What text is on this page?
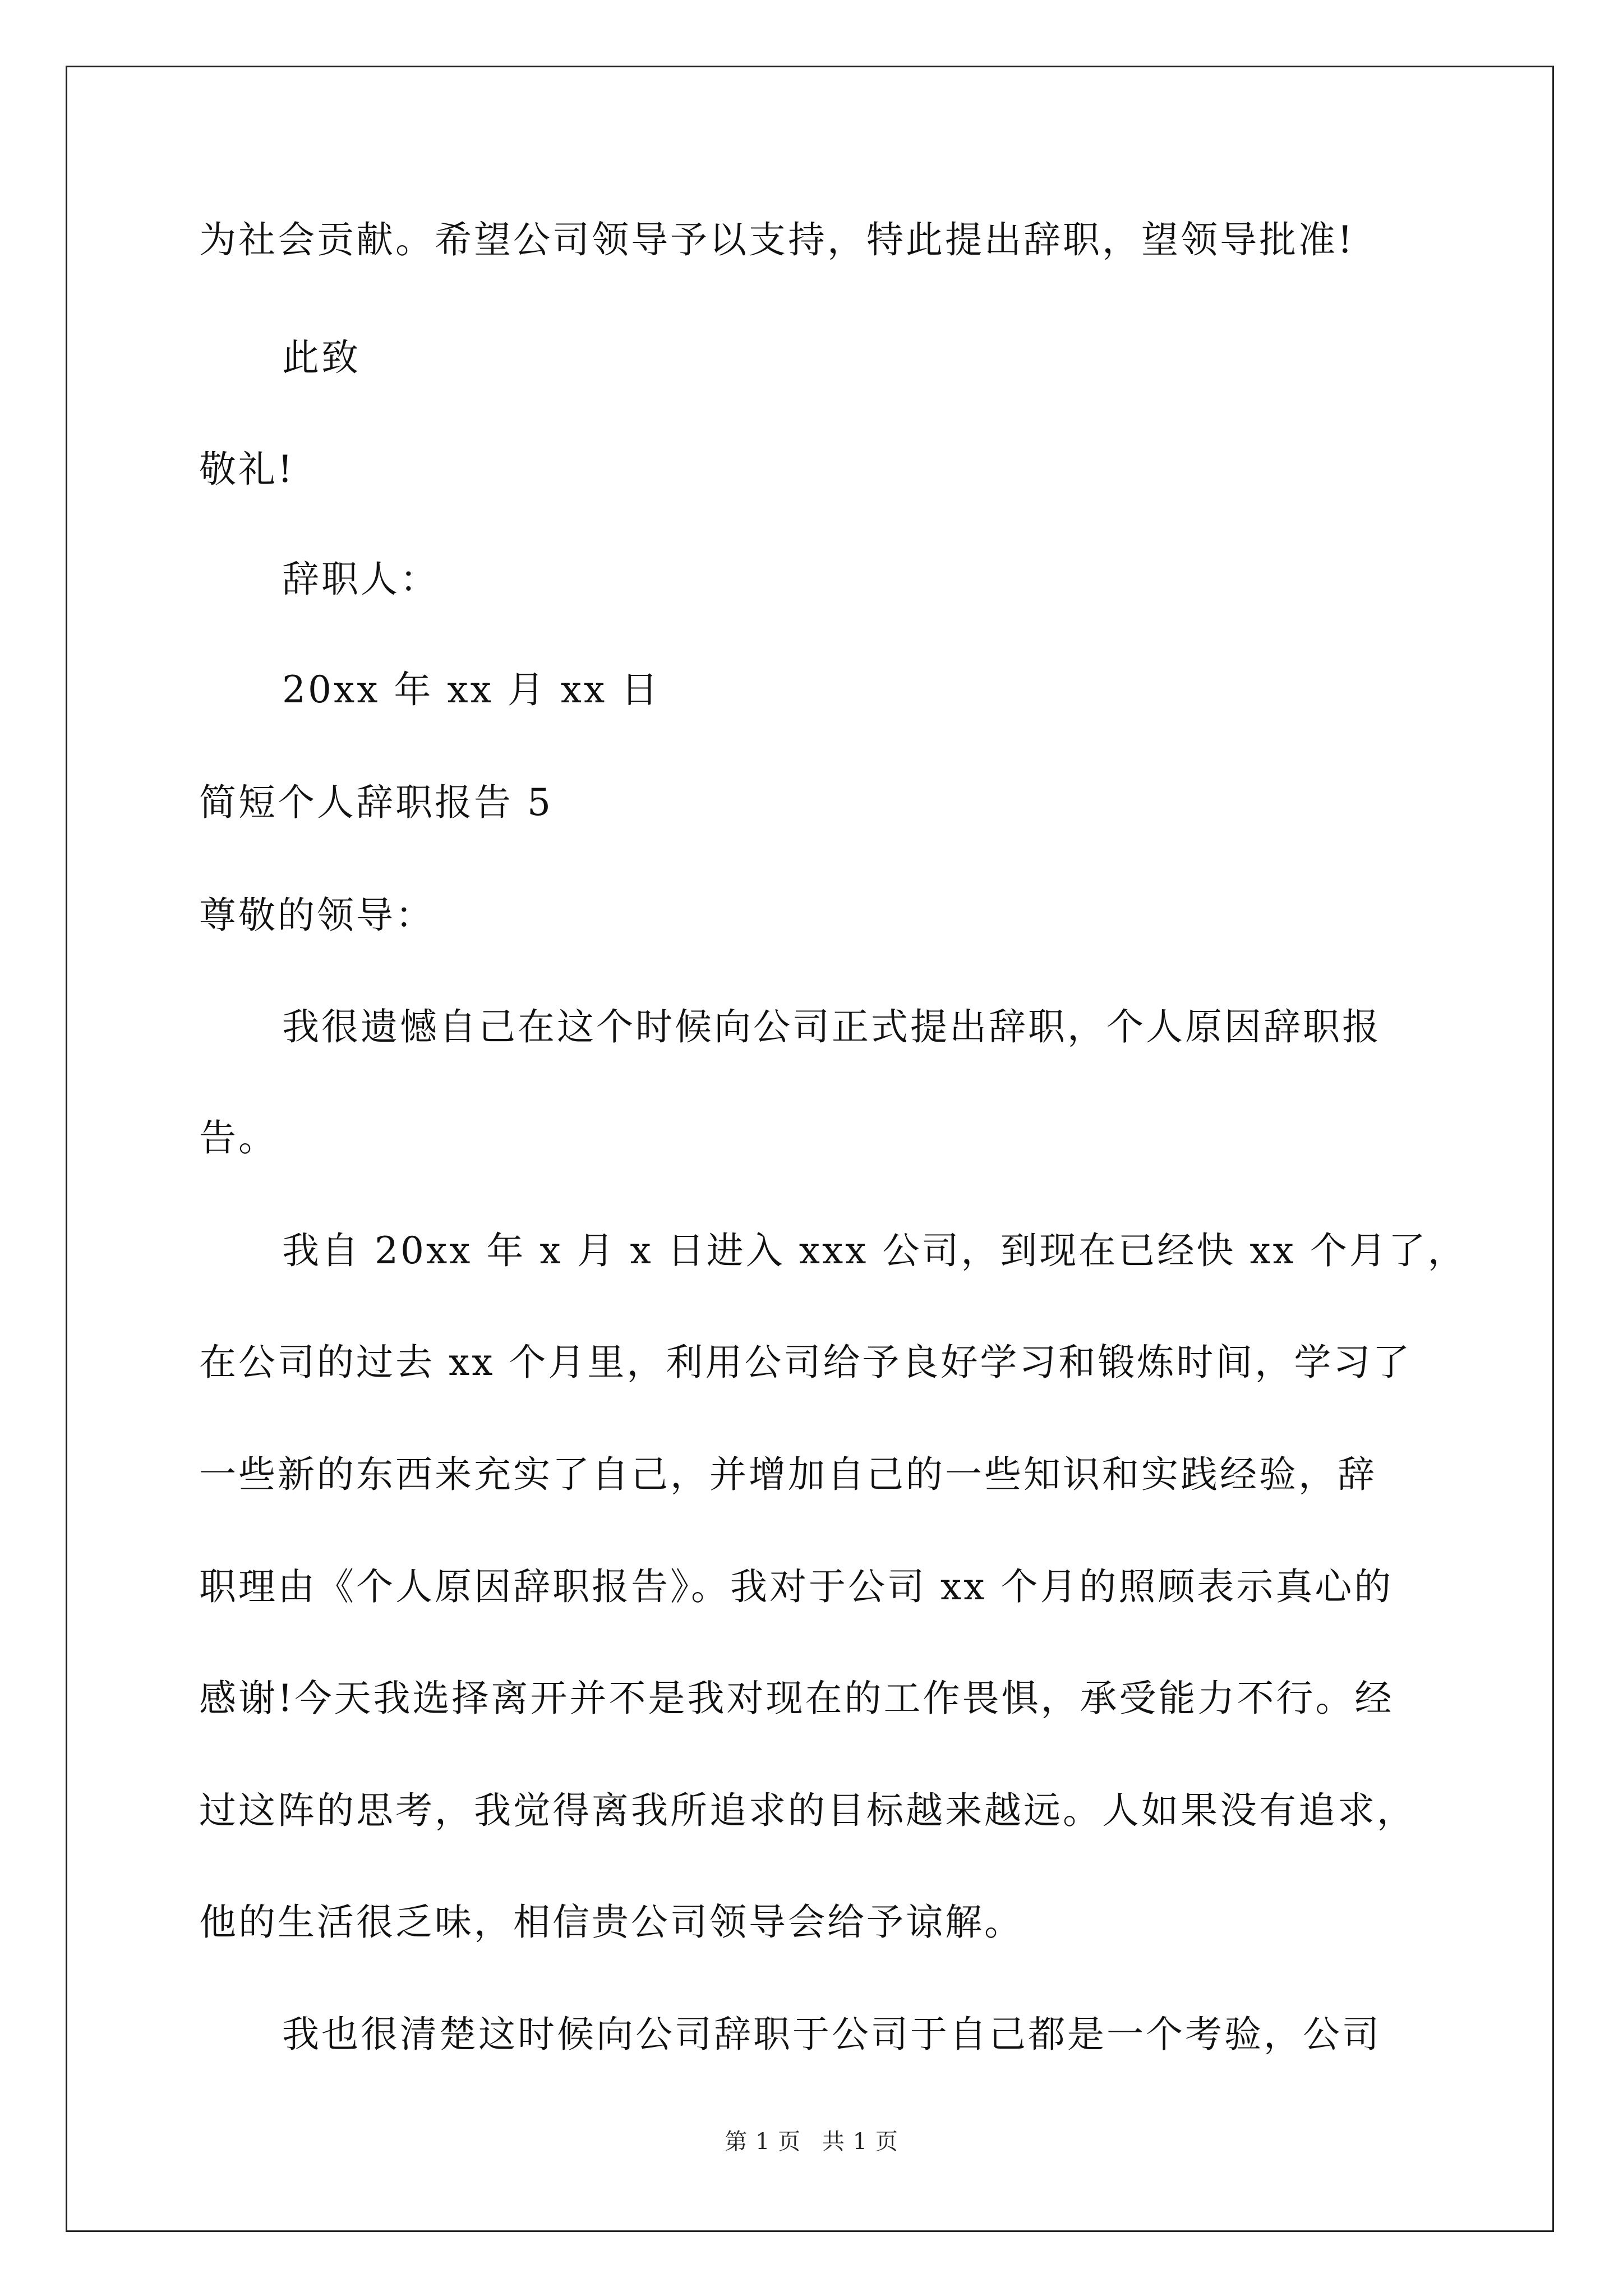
为社会贡献。希望公司领导予以支持，特此提出辞职，望领导批准!
此致
敬礼!
辞职人：
20xx 年 xx 月 xx 日
简短个人辞职报告 5
尊敬的领导：
我很遗憾自己在这个时候向公司正式提出辞职，个人原因辞职报
告。
我自 20xx 年 x 月 x 日进入 xxx 公司，到现在已经快 xx 个月了，
在公司的过去 xx 个月里，利用公司给予良好学习和锻炼时间，学习了
一些新的东西来充实了自己，并增加自己的一些知识和实践经验，辞
职理由《个人原因辞职报告》。我对于公司 xx 个月的照顾表示真心的
感谢!今天我选择离开并不是我对现在的工作畏惧，承受能力不行。经
过这阵的思考，我觉得离我所追求的目标越来越远。人如果没有追求，
他的生活很乏味，相信贵公司领导会给予谅解。
我也很清楚这时候向公司辞职于公司于自己都是一个考验，公司
第 1 页 共 1 页
